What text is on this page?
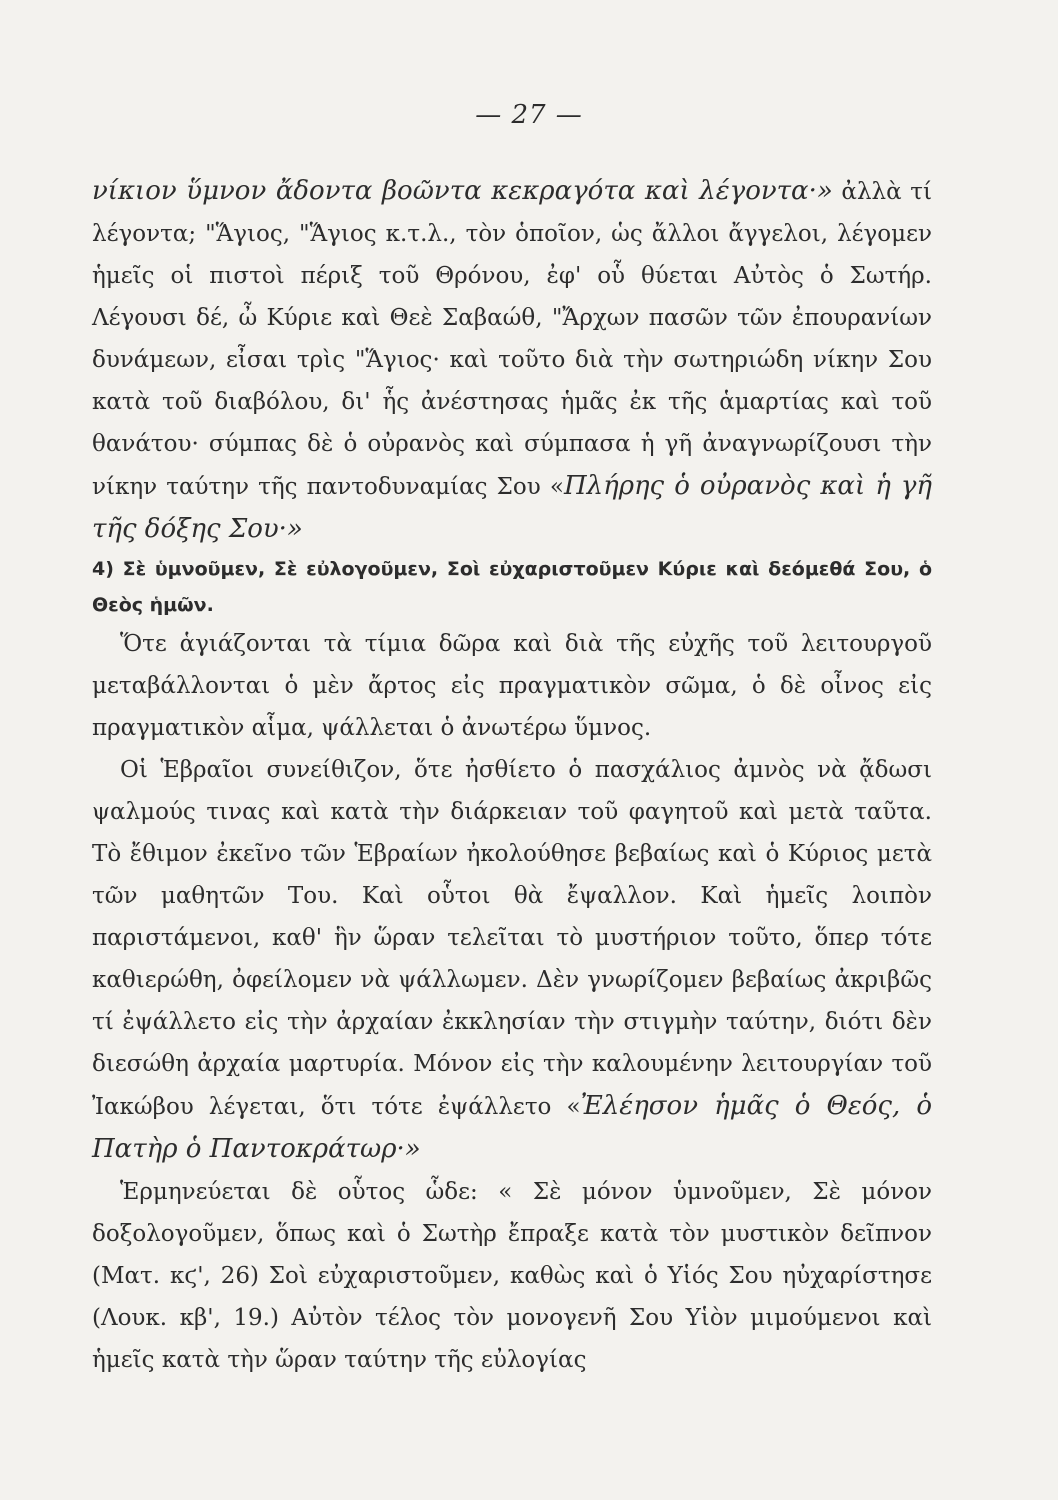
— 27 —

νίκιον ὕμνον ἄδοντα βοῶντα κεκραγότα καὶ λέγοντα·» ἀλλὰ τί λέγοντα; "Ἅγιος, "Ἅγιος κ.τ.λ., τὸν ὁποῖον, ὡς ἄλλοι ἄγγελοι, λέγομεν ἡμεῖς οἱ πιστοὶ πέριξ τοῦ Θρόνου, ἐφ' οὗ θύεται Αὐτὸς ὁ Σωτήρ. Λέγουσι δέ, ὦ Κύριε καὶ Θεὲ Σαβαώθ, "Ἄρχων πασῶν τῶν ἐπουρανίων δυνάμεων, εἶσαι τρὶς "Ἅγιος· καὶ τοῦτο διὰ τὴν σωτηριώδη νίκην Σου κατὰ τοῦ διαβόλου, δι' ἧς ἀνέστησας ἡμᾶς ἐκ τῆς ἁμαρτίας καὶ τοῦ θανάτου· σύμπας δὲ ὁ οὐρανὸς καὶ σύμπασα ἡ γῆ ἀναγνωρίζουσι τὴν νίκην ταύτην τῆς παντοδυναμίας Σου «Πλήρης ὁ οὐρανὸς καὶ ἡ γῆ τῆς δόξης Σου·»

4) Σὲ ὑμνοῦμεν, Σὲ εὐλογοῦμεν, Σοὶ εὐχαριστοῦμεν Κύριε καὶ δεόμεθά Σου, ὁ Θεὸς ἡμῶν.

Ὅτε ἁγιάζονται τὰ τίμια δῶρα καὶ διὰ τῆς εὐχῆς τοῦ λειτουργοῦ μεταβάλλονται ὁ μὲν ἄρτος εἰς πραγματικὸν σῶμα, ὁ δὲ οἶνος εἰς πραγματικὸν αἷμα, ψάλλεται ὁ ἀνωτέρω ὕμνος.

Οἱ Ἑβραῖοι συνείθιζον, ὅτε ἠσθίετο ὁ πασχάλιος ἀμνὸς νὰ ᾄδωσι ψαλμούς τινας καὶ κατὰ τὴν διάρκειαν τοῦ φαγητοῦ καὶ μετὰ ταῦτα. Τὸ ἔθιμον ἐκεῖνο τῶν Ἑβραίων ἠκολούθησε βεβαίως καὶ ὁ Κύριος μετὰ τῶν μαθητῶν Του. Καὶ οὗτοι θὰ ἔψαλλον. Καὶ ἡμεῖς λοιπὸν παριστάμενοι, καθ' ἣν ὥραν τελεῖται τὸ μυστήριον τοῦτο, ὅπερ τότε καθιερώθη, ὀφείλομεν νὰ ψάλλωμεν. Δὲν γνωρίζομεν βεβαίως ἀκριβῶς τί ἐψάλλετο εἰς τὴν ἀρχαίαν ἐκκλησίαν τὴν στιγμὴν ταύτην, διότι δὲν διεσώθη ἀρχαία μαρτυρία. Μόνον εἰς τὴν καλουμένην λειτουργίαν τοῦ Ἰακώβου λέγεται, ὅτι τότε ἐψάλλετο «Ἐλέησον ἡμᾶς ὁ Θεός, ὁ Πατὴρ ὁ Παντοκράτωρ·»

Ἑρμηνεύεται δὲ οὗτος ὧδε: « Σὲ μόνον ὑμνοῦμεν, Σὲ μόνον δοξολογοῦμεν, ὅπως καὶ ὁ Σωτὴρ ἔπραξε κατὰ τὸν μυστικὸν δεῖπνον (Ματ. κϛ', 26) Σοὶ εὐχαριστοῦμεν, καθὼς καὶ ὁ Υἱός Σου ηὐχαρίστησε (Λουκ. κβ', 19.) Αὐτὸν τέλος τὸν μονογενῆ Σου Υἱὸν μιμούμενοι καὶ ἡμεῖς κατὰ τὴν ὥραν ταύτην τῆς εὐλογίας
